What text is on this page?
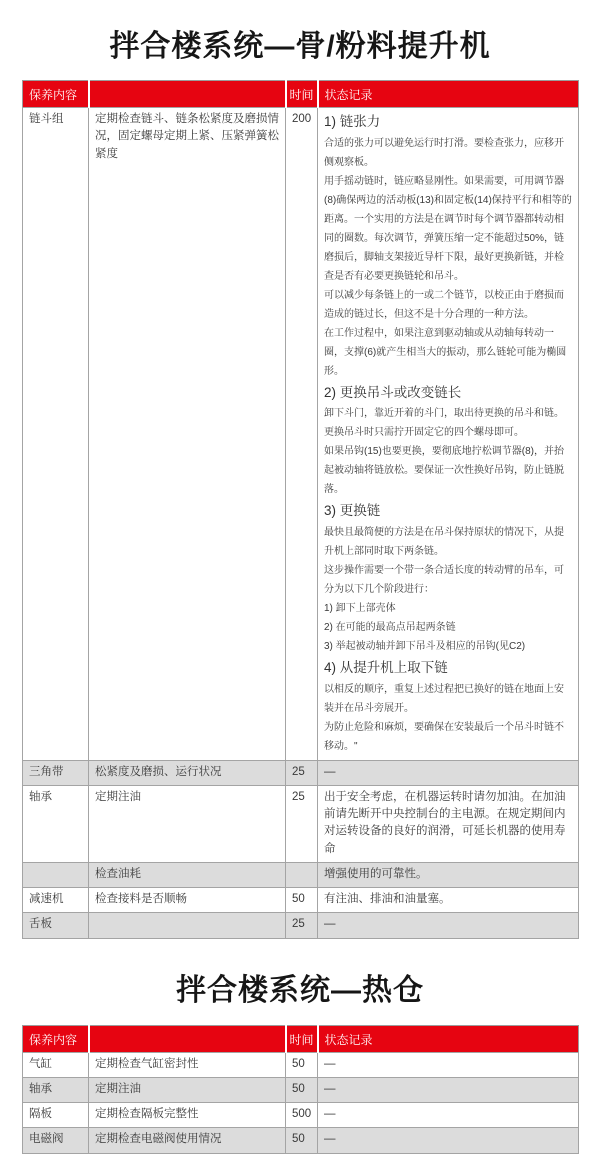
拌合楼系统—骨/粉料提升机
保养内容		时间	状态记录
链斗组	定期检查链斗、链条松紧度及磨损情况，固定螺母定期上紧、压紧弹簧松紧度	200	1) 链张力

合适的张力可以避免运行时打滑。要检查张力，应移开侧观察板。

用手摇动链时，链应略显刚性。如果需要，可用调节器(8)确保两边的活动板(13)和固定板(14)保持平行和相等的距离。一个实用的方法是在调节时每个调节器都转动相同的圈数。每次调节，弹簧压缩一定不能超过50%，链磨损后，脚轴支架接近导杆下限，最好更换新链，并检查是否有必要更换链轮和吊斗。

可以减少每条链上的一或二个链节，以校正由于磨损而造成的链过长，但这不是十分合理的一种方法。

在工作过程中，如果注意到驱动轴或从动轴每转动一圈，支撑(6)就产生相当大的振动，那么链轮可能为椭圆形。

2) 更换吊斗或改变链长

卸下斗门，靠近开着的斗门，取出待更换的吊斗和链。

更换吊斗时只需拧开固定它的四个螺母即可。

如果吊钩(15)也要更换，要彻底地拧松调节器(8)，并抬起被动轴将链放松。要保证一次性换好吊钩，防止链脱落。

3) 更换链

最快且最简便的方法是在吊斗保持原状的情况下，从提升机上部同时取下两条链。

这步操作需要一个带一条合适长度的转动臂的吊车，可分为以下几个阶段进行：

1) 卸下上部壳体

2) 在可能的最高点吊起两条链

3) 举起被动轴并卸下吊斗及相应的吊钩(见C2)

4) 从提升机上取下链

以相反的顺序，重复上述过程把已换好的链在地面上安装并在吊斗旁展开。

为防止危险和麻烦，要确保在安装最后一个吊斗时链不移动。"

三角带	松紧度及磨损、运行状况	25	—
轴承	定期注油	25	出于安全考虑，在机器运转时请勿加油。在加油前请先断开中央控制台的主电源。在规定期间内对运转设备的良好的润滑，可延长机器的使用寿命
	检查油耗		增强使用的可靠性。
减速机	检查接料是否顺畅	50	有注油、排油和油量塞。
舌板		25	—
拌合楼系统—热仓
保养内容		时间	状态记录
气缸	定期检查气缸密封性	50	—
轴承	定期注油	50	—
隔板	定期检查隔板完整性	500	—
电磁阀	定期检查电磁阀使用情况	50	—
